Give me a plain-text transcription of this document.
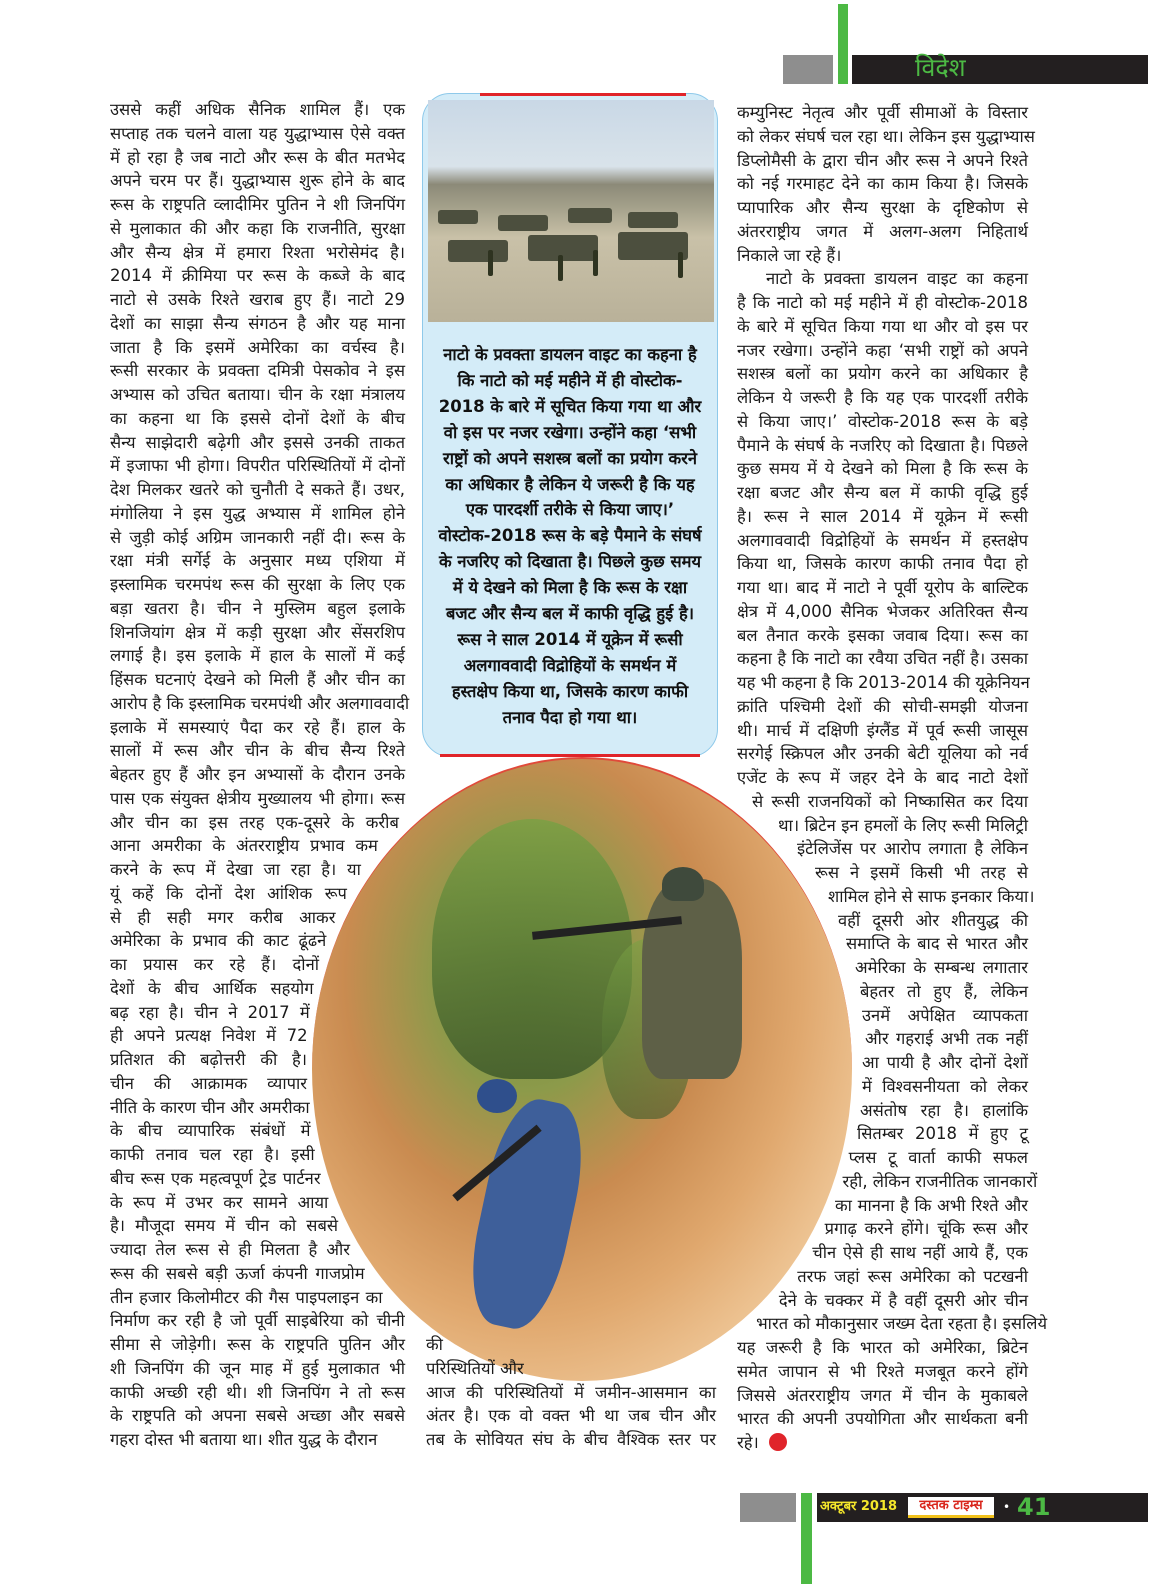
विदेश
नाटो के प्रवक्ता डायलन वाइट का कहना है
कि नाटो को मई महीने में ही वोस्टोक-
2018 के बारे में सूचित किया गया था और
वो इस पर नजर रखेगा। उन्होंने कहा ‘सभी
राष्ट्रों को अपने सशस्त्र बलों का प्रयोग करने
का अधिकार है लेकिन ये जरूरी है कि यह
एक पारदर्शी तरीके से किया जाए।’
वोस्टोक-2018 रूस के बड़े पैमाने के संघर्ष
के नजरिए को दिखाता है। पिछले कुछ समय
में ये देखने को मिला है कि रूस के रक्षा
बजट और सैन्य बल में काफी वृद्धि हुई है।
रूस ने साल 2014 में यूक्रेन में रूसी
अलगाववादी विद्रोहियों के समर्थन में
हस्तक्षेप किया था, जिसके कारण काफी
तनाव पैदा हो गया था।
उससे कहीं अधिक सैनिक शामिल हैं। एक
सप्ताह तक चलने वाला यह युद्धाभ्यास ऐसे वक्त
में हो रहा है जब नाटो और रूस के बीत मतभेद
अपने चरम पर हैं। युद्धाभ्यास शुरू होने के बाद
रूस के राष्ट्रपति व्लादीमिर पुतिन ने शी जिनपिंग
से मुलाकात की और कहा कि राजनीति, सुरक्षा
और सैन्य क्षेत्र में हमारा रिश्ता भरोसेमंद है।
2014 में क्रीमिया पर रूस के कब्जे के बाद
नाटो से उसके रिश्ते खराब हुए हैं। नाटो 29
देशों का साझा सैन्य संगठन है और यह माना
जाता है कि इसमें अमेरिका का वर्चस्व है।
रूसी सरकार के प्रवक्ता दमित्री पेसकोव ने इस
अभ्यास को उचित बताया। चीन के रक्षा मंत्रालय
का कहना था कि इससे दोनों देशों के बीच
सैन्य साझेदारी बढ़ेगी और इससे उनकी ताकत
में इजाफा भी होगा। विपरीत परिस्थितियों में दोनों
देश मिलकर खतरे को चुनौती दे सकते हैं। उधर,
मंगोलिया ने इस युद्ध अभ्यास में शामिल होने
से जुड़ी कोई अग्रिम जानकारी नहीं दी। रूस के
रक्षा मंत्री सर्गेई के अनुसार मध्य एशिया में
इस्लामिक चरमपंथ रूस की सुरक्षा के लिए एक
बड़ा खतरा है। चीन ने मुस्लिम बहुल इलाके
शिनजियांग क्षेत्र में कड़ी सुरक्षा और सेंसरशिप
लगाई है। इस इलाके में हाल के सालों में कई
हिंसक घटनाएं देखने को मिली हैं और चीन का
आरोप है कि इस्लामिक चरमपंथी और अलगाववादी
इलाके में समस्याएं पैदा कर रहे हैं। हाल के
सालों में रूस और चीन के बीच सैन्य रिश्ते
बेहतर हुए हैं और इन अभ्यासों के दौरान उनके
पास एक संयुक्त क्षेत्रीय मुख्यालय भी होगा। रूस
और चीन का इस तरह एक-दूसरे के करीब
आना अमरीका के अंतरराष्ट्रीय प्रभाव कम
करने के रूप में देखा जा रहा है। या
यूं कहें कि दोनों देश आंशिक रूप
से ही सही मगर करीब आकर
अमेरिका के प्रभाव की काट ढूंढने
का प्रयास कर रहे हैं। दोनों
देशों के बीच आर्थिक सहयोग
बढ़ रहा है। चीन ने 2017 में
ही अपने प्रत्यक्ष निवेश में 72
प्रतिशत की बढ़ोत्तरी की है।
चीन की आक्रामक व्यापार
नीति के कारण चीन और अमरीका
के बीच व्यापारिक संबंधों में
काफी तनाव चल रहा है। इसी
बीच रूस एक महत्वपूर्ण ट्रेड पार्टनर
के रूप में उभर कर सामने आया
है। मौजूदा समय में चीन को सबसे
ज्यादा तेल रूस से ही मिलता है और
रूस की सबसे बड़ी ऊर्जा कंपनी गाजप्रोम
तीन हजार किलोमीटर की गैस पाइपलाइन का
निर्माण कर रही है जो पूर्वी साइबेरिया को चीनी
सीमा से जोड़ेगी। रूस के राष्ट्रपति पुतिन और
शी जिनपिंग की जून माह में हुई मुलाकात भी
काफी अच्छी रही थी। शी जिनपिंग ने तो रूस
के राष्ट्रपति को अपना सबसे अच्छा और सबसे
गहरा दोस्त भी बताया था। शीत युद्ध के दौरान
की
परिस्थितियों और
आज की परिस्थितियों में जमीन-आसमान का
अंतर है। एक वो वक्त भी था जब चीन और
तब के सोवियत संघ के बीच वैश्विक स्तर पर
कम्युनिस्ट नेतृत्व और पूर्वी सीमाओं के विस्तार
को लेकर संघर्ष चल रहा था। लेकिन इस युद्धाभ्यास
डिप्लोमैसी के द्वारा चीन और रूस ने अपने रिश्ते
को नई गरमाहट देने का काम किया है। जिसके
प्यापारिक और सैन्य सुरक्षा के दृष्टिकोण से
अंतरराष्ट्रीय जगत में अलग-अलग निहितार्थ
निकाले जा रहे हैं।
नाटो के प्रवक्ता डायलन वाइट का कहना
है कि नाटो को मई महीने में ही वोस्टोक-2018
के बारे में सूचित किया गया था और वो इस पर
नजर रखेगा। उन्होंने कहा ‘सभी राष्ट्रों को अपने
सशस्त्र बलों का प्रयोग करने का अधिकार है
लेकिन ये जरूरी है कि यह एक पारदर्शी तरीके
से किया जाए।’ वोस्टोक-2018 रूस के बड़े
पैमाने के संघर्ष के नजरिए को दिखाता है। पिछले
कुछ समय में ये देखने को मिला है कि रूस के
रक्षा बजट और सैन्य बल में काफी वृद्धि हुई
है। रूस ने साल 2014 में यूक्रेन में रूसी
अलगाववादी विद्रोहियों के समर्थन में हस्तक्षेप
किया था, जिसके कारण काफी तनाव पैदा हो
गया था। बाद में नाटो ने पूर्वी यूरोप के बाल्टिक
क्षेत्र में 4,000 सैनिक भेजकर अतिरिक्त सैन्य
बल तैनात करके इसका जवाब दिया। रूस का
कहना है कि नाटो का रवैया उचित नहीं है। उसका
यह भी कहना है कि 2013-2014 की यूक्रेनियन
क्रांति पश्चिमी देशों की सोची-समझी योजना
थी। मार्च में दक्षिणी इंग्लैंड में पूर्व रूसी जासूस
सरगेई स्क्रिपल और उनकी बेटी यूलिया को नर्व
एजेंट के रूप में जहर देने के बाद नाटो देशों
से रूसी राजनयिकों को निष्कासित कर दिया
था। ब्रिटेन इन हमलों के लिए रूसी मिलिट्री
इंटेलिजेंस पर आरोप लगाता है लेकिन
रूस ने इसमें किसी भी तरह से
शामिल होने से साफ इनकार किया।
वहीं दूसरी ओर शीतयुद्ध की
समाप्ति के बाद से भारत और
अमेरिका के सम्बन्ध लगातार
बेहतर तो हुए हैं, लेकिन
उनमें अपेक्षित व्यापकता
और गहराई अभी तक नहीं
आ पायी है और दोनों देशों
में विश्वसनीयता को लेकर
असंतोष रहा है। हालांकि
सितम्बर 2018 में हुए टू
प्लस टू वार्ता काफी सफल
रही, लेकिन राजनीतिक जानकारों
का मानना है कि अभी रिश्ते और
प्रगाढ़ करने होंगे। चूंकि रूस और
चीन ऐसे ही साथ नहीं आये हैं, एक
तरफ जहां रूस अमेरिका को पटखनी
देने के चक्कर में है वहीं दूसरी ओर चीन
भारत को मौकानुसार जख्म देता रहता है। इसलिये
यह जरूरी है कि भारत को अमेरिका, ब्रिटेन
समेत जापान से भी रिश्ते मजबूत करने होंगे
जिससे अंतरराष्ट्रीय जगत में चीन के मुकाबले
भारत की अपनी उपयोगिता और सार्थकता बनी
रहे।
अक्टूबर 2018	दस्तक टाइम्स	• 41
